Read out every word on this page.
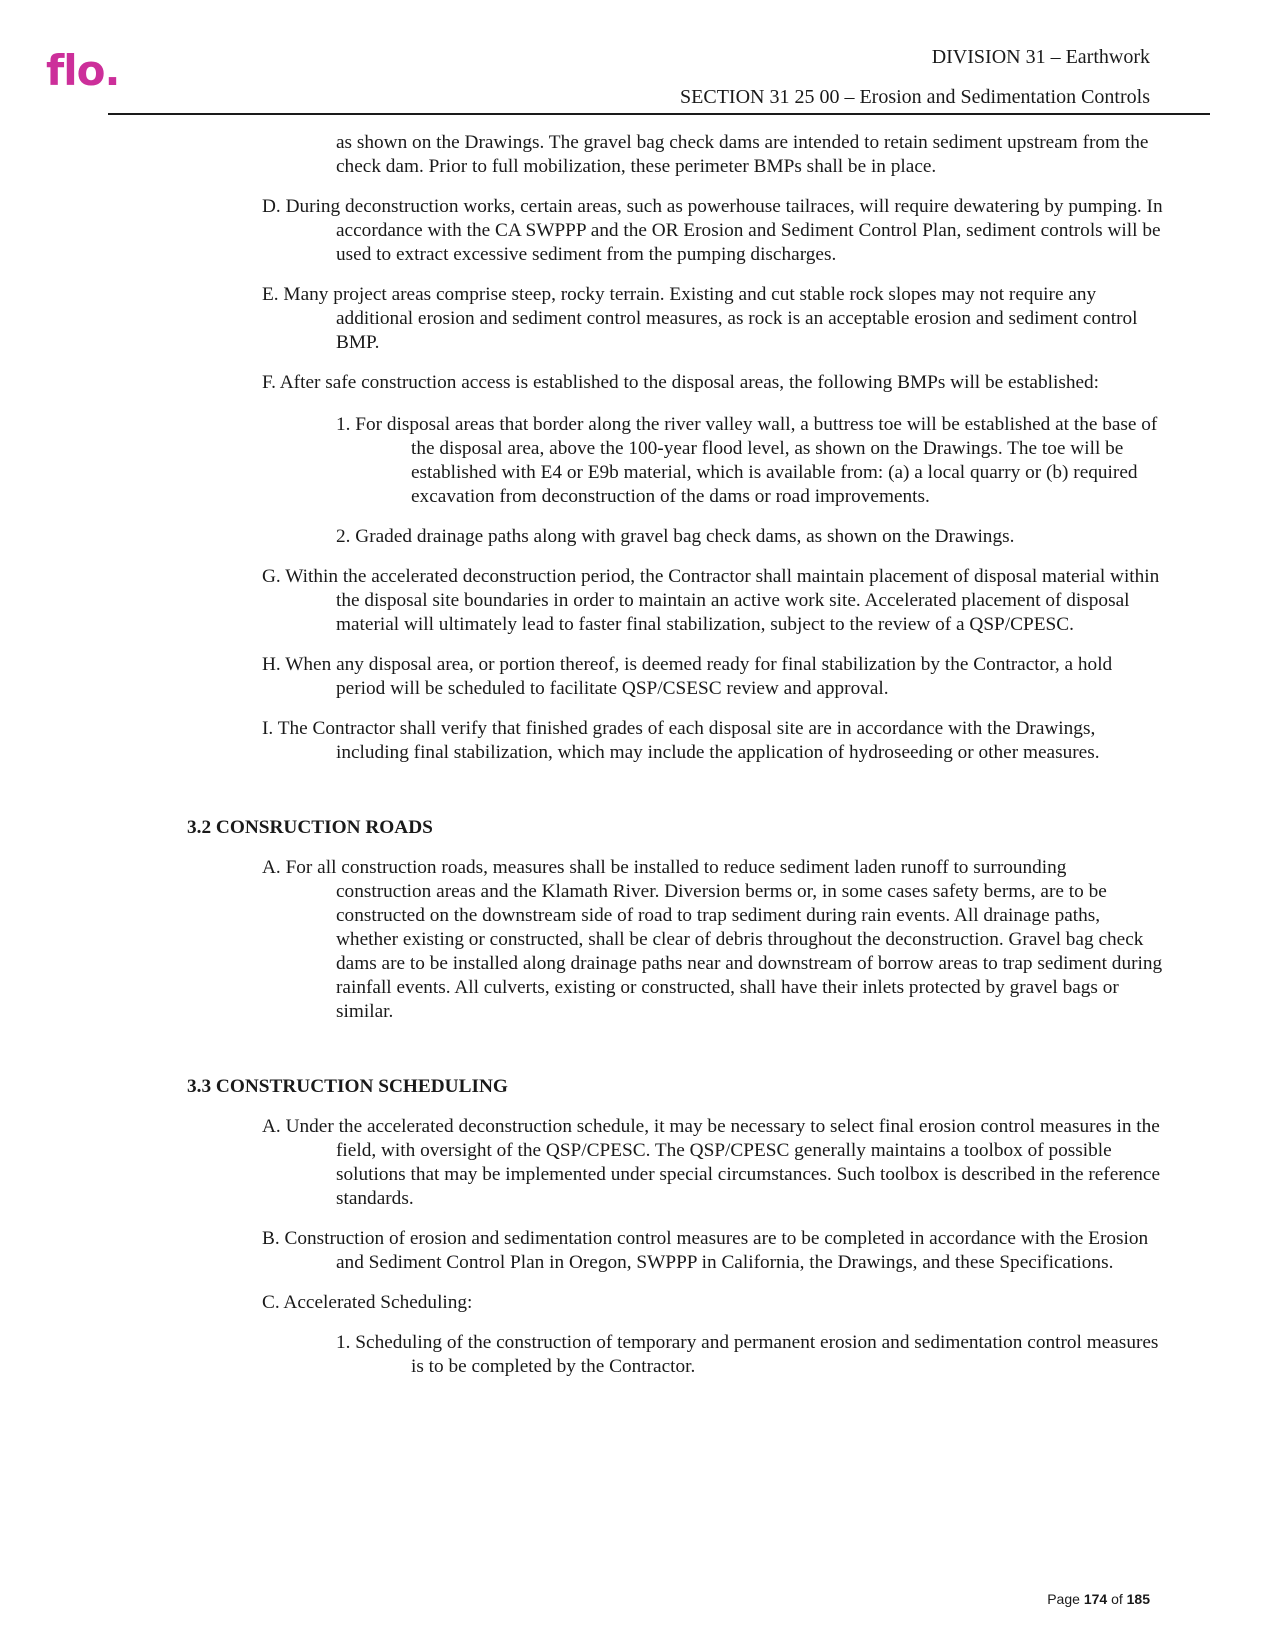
flo.	DIVISION 31 – Earthwork
SECTION 31 25 00 – Erosion and Sedimentation Controls

as shown on the Drawings. The gravel bag check dams are intended to retain sediment upstream from the check dam. Prior to full mobilization, these perimeter BMPs shall be in place.

D. During deconstruction works, certain areas, such as powerhouse tailraces, will require dewatering by pumping. In accordance with the CA SWPPP and the OR Erosion and Sediment Control Plan, sediment controls will be used to extract excessive sediment from the pumping discharges.

E. Many project areas comprise steep, rocky terrain. Existing and cut stable rock slopes may not require any additional erosion and sediment control measures, as rock is an acceptable erosion and sediment control BMP.

F. After safe construction access is established to the disposal areas, the following BMPs will be established:

1. For disposal areas that border along the river valley wall, a buttress toe will be established at the base of the disposal area, above the 100-year flood level, as shown on the Drawings. The toe will be established with E4 or E9b material, which is available from: (a) a local quarry or (b) required excavation from deconstruction of the dams or road improvements.

2. Graded drainage paths along with gravel bag check dams, as shown on the Drawings.

G. Within the accelerated deconstruction period, the Contractor shall maintain placement of disposal material within the disposal site boundaries in order to maintain an active work site. Accelerated placement of disposal material will ultimately lead to faster final stabilization, subject to the review of a QSP/CPESC.

H. When any disposal area, or portion thereof, is deemed ready for final stabilization by the Contractor, a hold period will be scheduled to facilitate QSP/CSESC review and approval.

I. The Contractor shall verify that finished grades of each disposal site are in accordance with the Drawings, including final stabilization, which may include the application of hydroseeding or other measures.

3.2 CONSRUCTION ROADS

A. For all construction roads, measures shall be installed to reduce sediment laden runoff to surrounding construction areas and the Klamath River. Diversion berms or, in some cases safety berms, are to be constructed on the downstream side of road to trap sediment during rain events. All drainage paths, whether existing or constructed, shall be clear of debris throughout the deconstruction. Gravel bag check dams are to be installed along drainage paths near and downstream of borrow areas to trap sediment during rainfall events. All culverts, existing or constructed, shall have their inlets protected by gravel bags or similar.

3.3 CONSTRUCTION SCHEDULING

A. Under the accelerated deconstruction schedule, it may be necessary to select final erosion control measures in the field, with oversight of the QSP/CPESC. The QSP/CPESC generally maintains a toolbox of possible solutions that may be implemented under special circumstances. Such toolbox is described in the reference standards.

B. Construction of erosion and sedimentation control measures are to be completed in accordance with the Erosion and Sediment Control Plan in Oregon, SWPPP in California, the Drawings, and these Specifications.

C. Accelerated Scheduling:

1. Scheduling of the construction of temporary and permanent erosion and sedimentation control measures is to be completed by the Contractor.

Page 174 of 185
